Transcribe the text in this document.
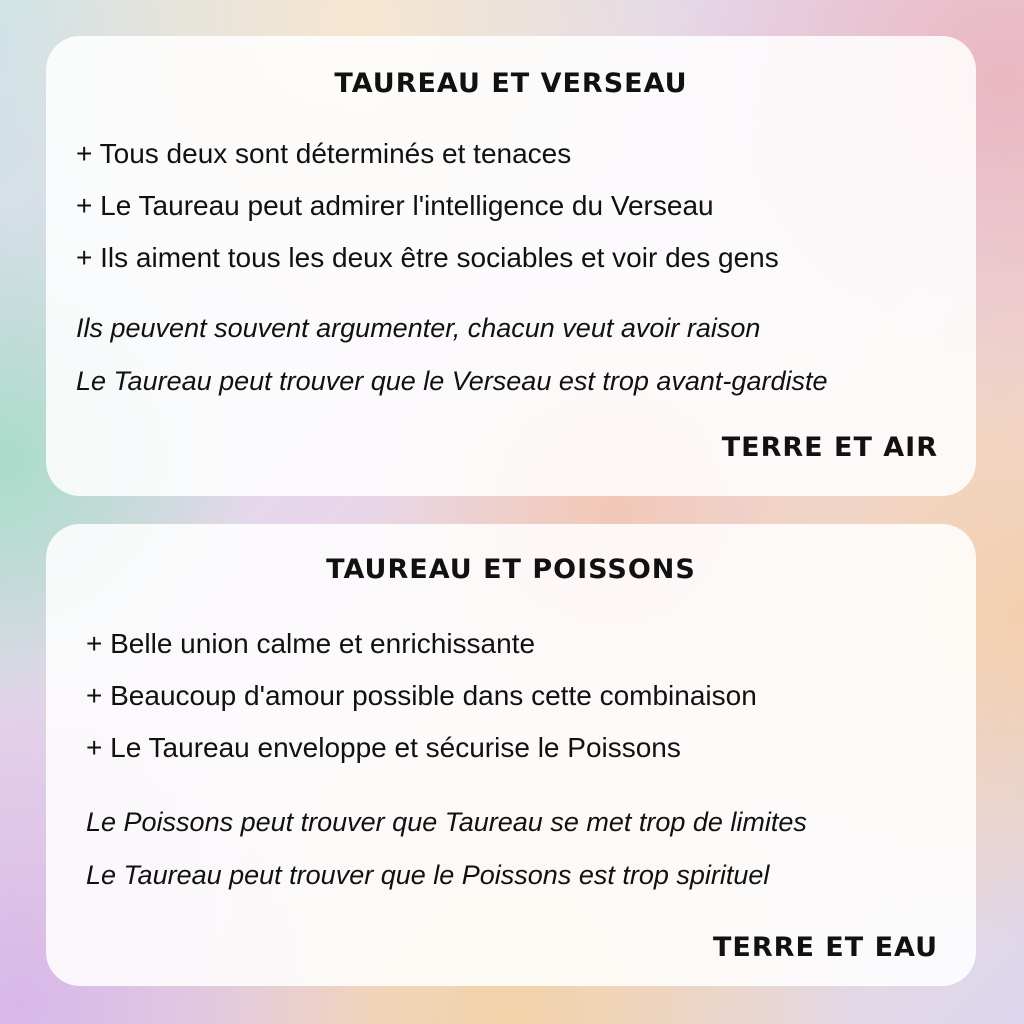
TAUREAU ET VERSEAU
+ Tous deux sont déterminés et tenaces
+ Le Taureau peut admirer l'intelligence du Verseau
+ Ils aiment tous les deux être sociables et voir des gens

Ils peuvent souvent argumenter, chacun veut avoir raison

Le Taureau peut trouver que le Verseau est trop avant-gardiste

TERRE ET AIR

TAUREAU ET POISSONS
+ Belle union calme et enrichissante
+ Beaucoup d'amour possible dans cette combinaison
+ Le Taureau enveloppe et sécurise le Poissons

Le Poissons peut trouver que Taureau se met trop de limites

Le Taureau peut trouver que le Poissons est trop spirituel

TERRE ET EAU
